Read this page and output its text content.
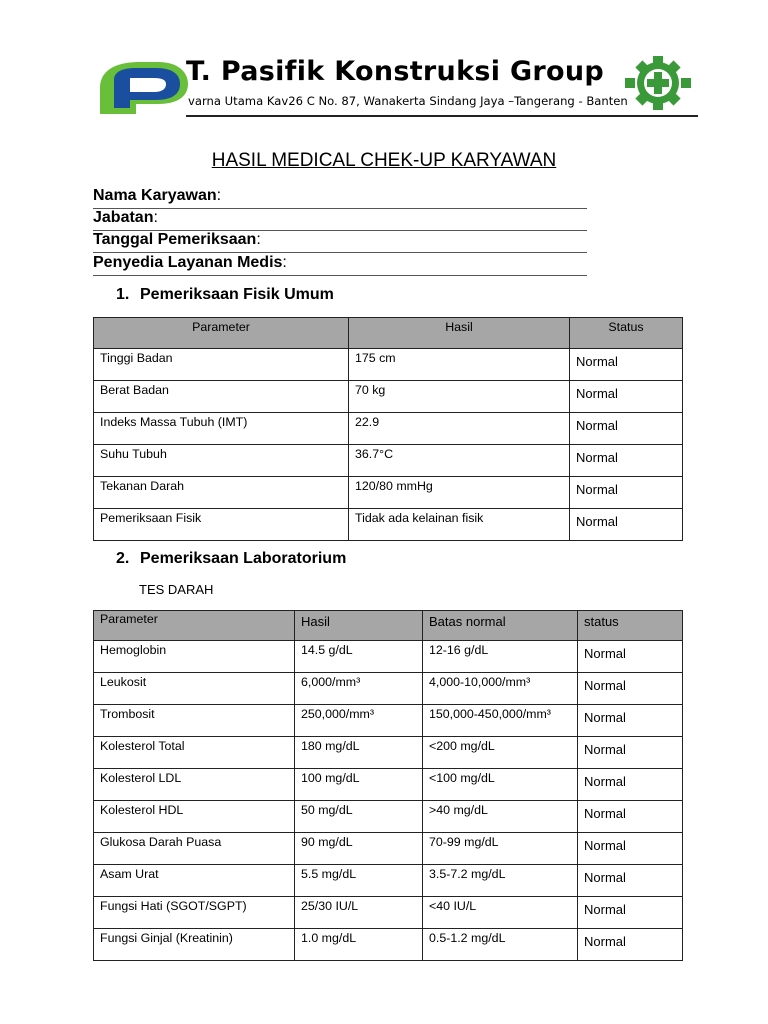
T. Pasifik Konstruksi Group
varna Utama Kav26 C No. 87, Wanakerta Sindang Jaya –Tangerang - Banten
HASIL MEDICAL CHEK-UP KARYAWAN
Nama Karyawan:
Jabatan:
Tanggal Pemeriksaan:
Penyedia Layanan Medis:
1. Pemeriksaan Fisik Umum
Parameter	Hasil	Status
Tinggi Badan	175 cm	Normal
Berat Badan	70 kg	Normal
Indeks Massa Tubuh (IMT)	22.9	Normal
Suhu Tubuh	36.7°C	Normal
Tekanan Darah	120/80 mmHg	Normal
Pemeriksaan Fisik	Tidak ada kelainan fisik	Normal
2. Pemeriksaan Laboratorium
TES DARAH
Parameter	Hasil	Batas normal	status
Hemoglobin	14.5 g/dL	12-16 g/dL	Normal
Leukosit	6,000/mm³	4,000-10,000/mm³	Normal
Trombosit	250,000/mm³	150,000-450,000/mm³	Normal
Kolesterol Total	180 mg/dL	<200 mg/dL	Normal
Kolesterol LDL	100 mg/dL	<100 mg/dL	Normal
Kolesterol HDL	50 mg/dL	>40 mg/dL	Normal
Glukosa Darah Puasa	90 mg/dL	70-99 mg/dL	Normal
Asam Urat	5.5 mg/dL	3.5-7.2 mg/dL	Normal
Fungsi Hati (SGOT/SGPT)	25/30 IU/L	<40 IU/L	Normal
Fungsi Ginjal (Kreatinin)	1.0 mg/dL	0.5-1.2 mg/dL	Normal
